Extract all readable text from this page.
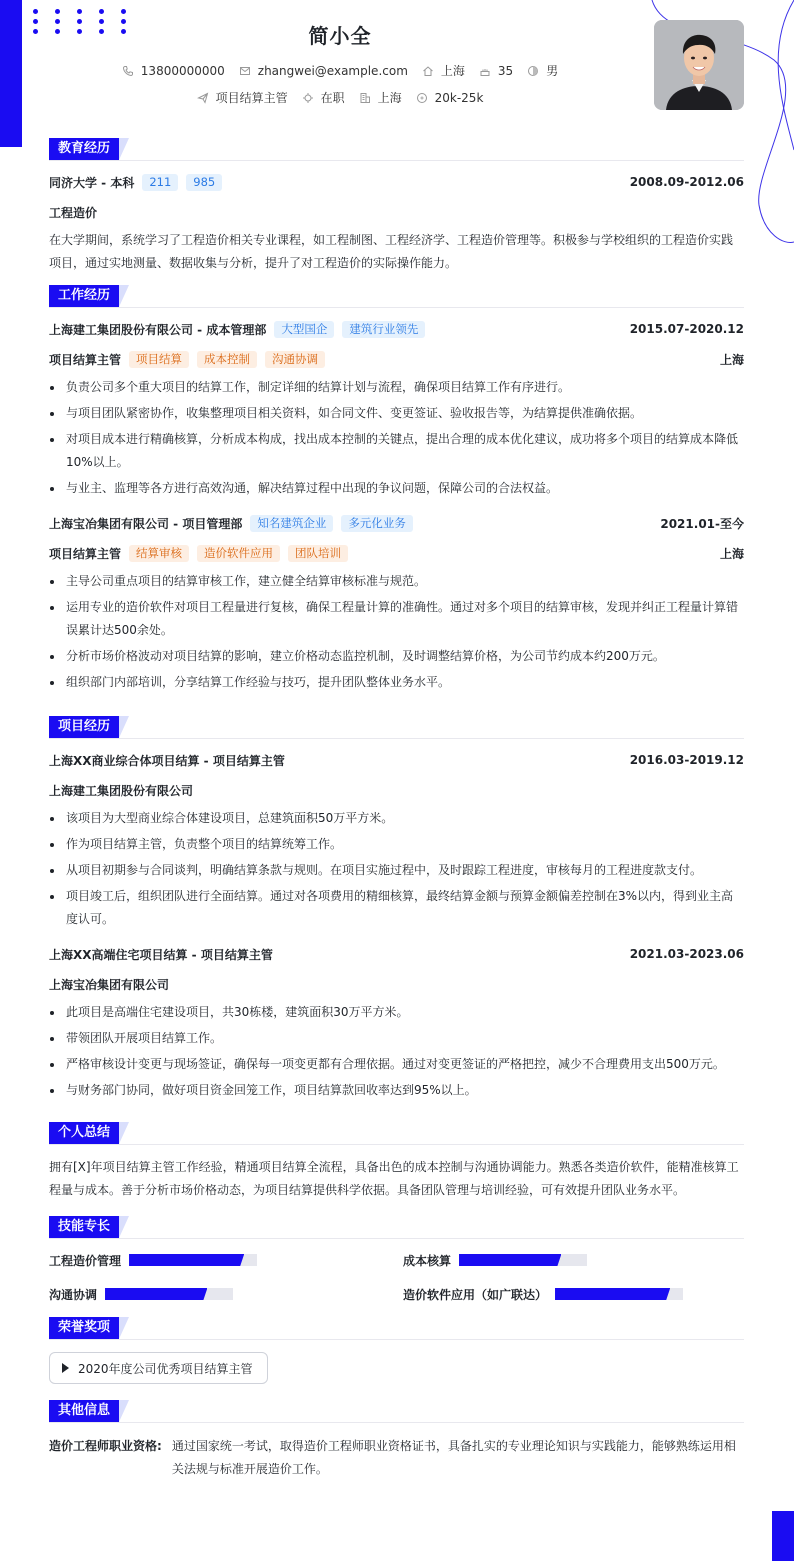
简小全
13800000000	zhangwei@example.com	上海	35	男
项目结算主管	在职	上海	20k-25k
教育经历
同济大学 - 本科	211	985	2008.09-2012.06
工程造价
在大学期间，系统学习了工程造价相关专业课程，如工程制图、工程经济学、工程造价管理等。积极参与学校组织的工程造价实践项目，通过实地测量、数据收集与分析，提升了对工程造价的实际操作能力。
工作经历
上海建工集团股份有限公司 - 成本管理部	大型国企	建筑行业领先	2015.07-2020.12
项目结算主管	项目结算	成本控制	沟通协调	上海
负责公司多个重大项目的结算工作，制定详细的结算计划与流程，确保项目结算工作有序进行。
与项目团队紧密协作，收集整理项目相关资料，如合同文件、变更签证、验收报告等，为结算提供准确依据。
对项目成本进行精确核算，分析成本构成，找出成本控制的关键点，提出合理的成本优化建议，成功将多个项目的结算成本降低10%以上。
与业主、监理等各方进行高效沟通，解决结算过程中出现的争议问题，保障公司的合法权益。
上海宝冶集团有限公司 - 项目管理部	知名建筑企业	多元化业务	2021.01-至今
项目结算主管	结算审核	造价软件应用	团队培训	上海
主导公司重点项目的结算审核工作，建立健全结算审核标准与规范。
运用专业的造价软件对项目工程量进行复核，确保工程量计算的准确性。通过对多个项目的结算审核，发现并纠正工程量计算错误累计达500余处。
分析市场价格波动对项目结算的影响，建立价格动态监控机制，及时调整结算价格，为公司节约成本约200万元。
组织部门内部培训，分享结算工作经验与技巧，提升团队整体业务水平。
项目经历
上海XX商业综合体项目结算 - 项目结算主管	2016.03-2019.12
上海建工集团股份有限公司
该项目为大型商业综合体建设项目，总建筑面积50万平方米。
作为项目结算主管，负责整个项目的结算统筹工作。
从项目初期参与合同谈判，明确结算条款与规则。在项目实施过程中，及时跟踪工程进度，审核每月的工程进度款支付。
项目竣工后，组织团队进行全面结算。通过对各项费用的精细核算，最终结算金额与预算金额偏差控制在3%以内，得到业主高度认可。
上海XX高端住宅项目结算 - 项目结算主管	2021.03-2023.06
上海宝冶集团有限公司
此项目是高端住宅建设项目，共30栋楼，建筑面积30万平方米。
带领团队开展项目结算工作。
严格审核设计变更与现场签证，确保每一项变更都有合理依据。通过对变更签证的严格把控，减少不合理费用支出500万元。
与财务部门协同，做好项目资金回笼工作，项目结算款回收率达到95%以上。
个人总结
拥有[X]年项目结算主管工作经验，精通项目结算全流程，具备出色的成本控制与沟通协调能力。熟悉各类造价软件，能精准核算工程量与成本。善于分析市场价格动态，为项目结算提供科学依据。具备团队管理与培训经验，可有效提升团队业务水平。
技能专长
工程造价管理	成本核算
沟通协调	造价软件应用（如广联达）
荣誉奖项
2020年度公司优秀项目结算主管
其他信息
造价工程师职业资格: 通过国家统一考试，取得造价工程师职业资格证书，具备扎实的专业理论知识与实践能力，能够熟练运用相关法规与标准开展造价工作。
